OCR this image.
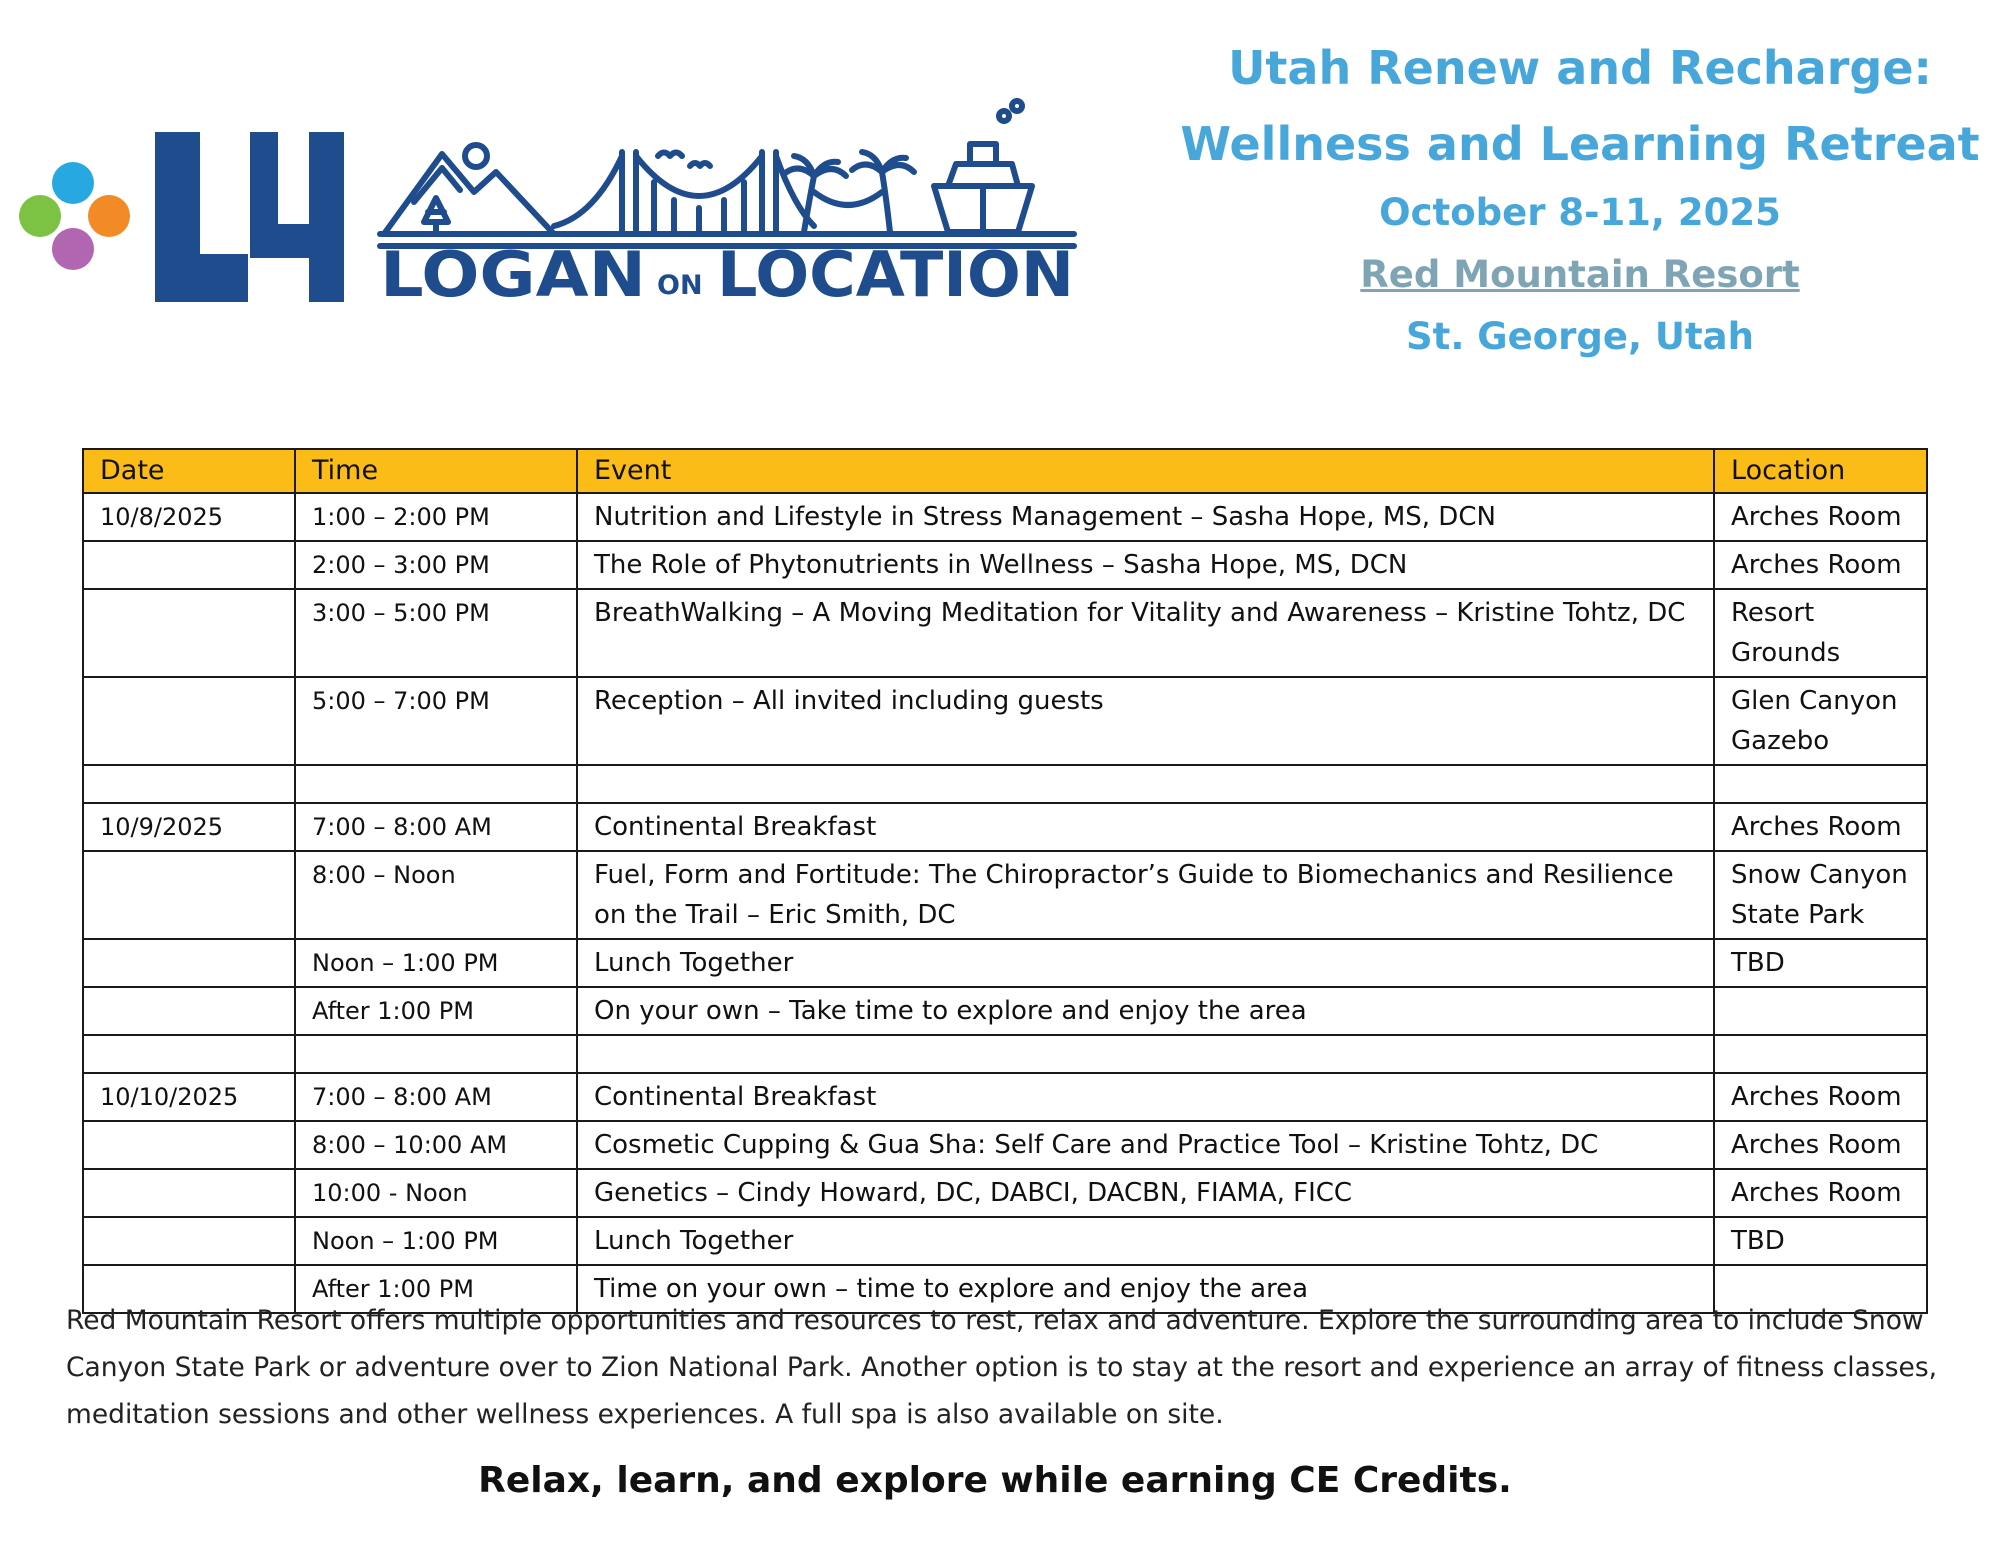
LOGAN ON LOCATION
Utah Renew and Recharge:
Wellness and Learning Retreat
October 8-11, 2025
Red Mountain Resort
St. George, Utah
Date	Time	Event	Location
10/8/2025	1:00 – 2:00 PM	Nutrition and Lifestyle in Stress Management – Sasha Hope, MS, DCN	Arches Room
	2:00 – 3:00 PM	The Role of Phytonutrients in Wellness – Sasha Hope, MS, DCN	Arches Room
	3:00 – 5:00 PM	BreathWalking – A Moving Meditation for Vitality and Awareness – Kristine Tohtz, DC	Resort Grounds
	5:00 – 7:00 PM	Reception – All invited including guests	Glen Canyon Gazebo

10/9/2025	7:00 – 8:00 AM	Continental Breakfast	Arches Room
	8:00 – Noon	Fuel, Form and Fortitude: The Chiropractor’s Guide to Biomechanics and Resilience on the Trail – Eric Smith, DC	Snow Canyon State Park
	Noon – 1:00 PM	Lunch Together	TBD
	After 1:00 PM	On your own – Take time to explore and enjoy the area	

10/10/2025	7:00 – 8:00 AM	Continental Breakfast	Arches Room
	8:00 – 10:00 AM	Cosmetic Cupping & Gua Sha: Self Care and Practice Tool – Kristine Tohtz, DC	Arches Room
	10:00 - Noon	Genetics – Cindy Howard, DC, DABCI, DACBN, FIAMA, FICC	Arches Room
	Noon – 1:00 PM	Lunch Together	TBD
	After 1:00 PM	Time on your own – time to explore and enjoy the area	
Red Mountain Resort offers multiple opportunities and resources to rest, relax and adventure. Explore the surrounding area to include Snow Canyon State Park or adventure over to Zion National Park. Another option is to stay at the resort and experience an array of fitness classes, meditation sessions and other wellness experiences. A full spa is also available on site.
Relax, learn, and explore while earning CE Credits.
